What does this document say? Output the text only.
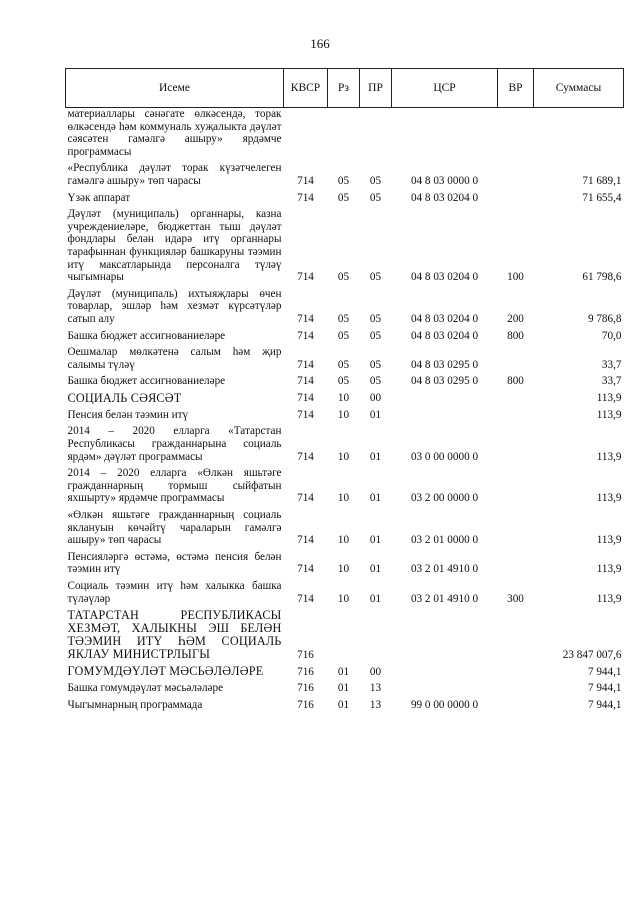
166
Исеме	КВСР	Рз	ПР	ЦСР	ВР	Суммасы
материаллары сәнәгате өлкәсендә, торак өлкәсендә һәм коммуналь хуҗалыкта дәүләт сәясәтен гамәлгә ашыру» ярдәмче программасы						
«Республика дәүләт торак күзәтчелеген гамәлгә ашыру» төп чарасы	714	05	05	04 8 03 0000 0		71 689,1
Үзәк аппарат	714	05	05	04 8 03 0204 0		71 655,4
Дәүләт (муниципаль) органнары, казна учреждениеләре, бюджеттан тыш дәүләт фондлары белән идарә итү органнары тарафыннан функцияләр башкаруны тәэмин итү максатларында персоналга түләү чыгымнары	714	05	05	04 8 03 0204 0	100	61 798,6
Дәүләт (муниципаль) ихтыяҗлары өчен товарлар, эшләр һәм хезмәт күрсәтүләр сатып алу	714	05	05	04 8 03 0204 0	200	9 786,8
Башка бюджет ассигнованиеләре	714	05	05	04 8 03 0204 0	800	70,0
Оешмалар мөлкәтенә салым һәм җир салымы түләү	714	05	05	04 8 03 0295 0		33,7
Башка бюджет ассигнованиеләре	714	05	05	04 8 03 0295 0	800	33,7
СОЦИАЛЬ СӘЯСӘТ	714	10	00			113,9
Пенсия белән тәэмин итү	714	10	01			113,9
2014 – 2020 елларга «Татарстан Республикасы гражданнарына социаль ярдәм» дәүләт программасы	714	10	01	03 0 00 0000 0		113,9
2014 – 2020 елларга «Өлкән яшьтәге гражданнарның тормыш сыйфатын яхшырту» ярдәмче программасы	714	10	01	03 2 00 0000 0		113,9
«Өлкән яшьтәге гражданнарның социаль яклануын көчәйтү чараларын гамәлгә ашыру» төп чарасы	714	10	01	03 2 01 0000 0		113,9
Пенсияләргә өстәмә, өстәмә пенсия белән тәэмин итү	714	10	01	03 2 01 4910 0		113,9
Социаль тәэмин итү һәм халыкка башка түләүләр	714	10	01	03 2 01 4910 0	300	113,9
ТАТАРСТАН РЕСПУБЛИКАСЫ ХЕЗМӘТ, ХАЛЫКНЫ ЭШ БЕЛӘН ТӘЭМИН ИТҮ ҺӘМ СОЦИАЛЬ ЯКЛАУ МИНИСТРЛЫГЫ	716					23 847 007,6
ГОМУМДӘҮЛӘТ МӘСЬӘЛӘЛӘРЕ	716	01	00			7 944,1
Башка гомумдәүләт мәсьәләләре	716	01	13			7 944,1
Чыгымнарның программада	716	01	13	99 0 00 0000 0		7 944,1
